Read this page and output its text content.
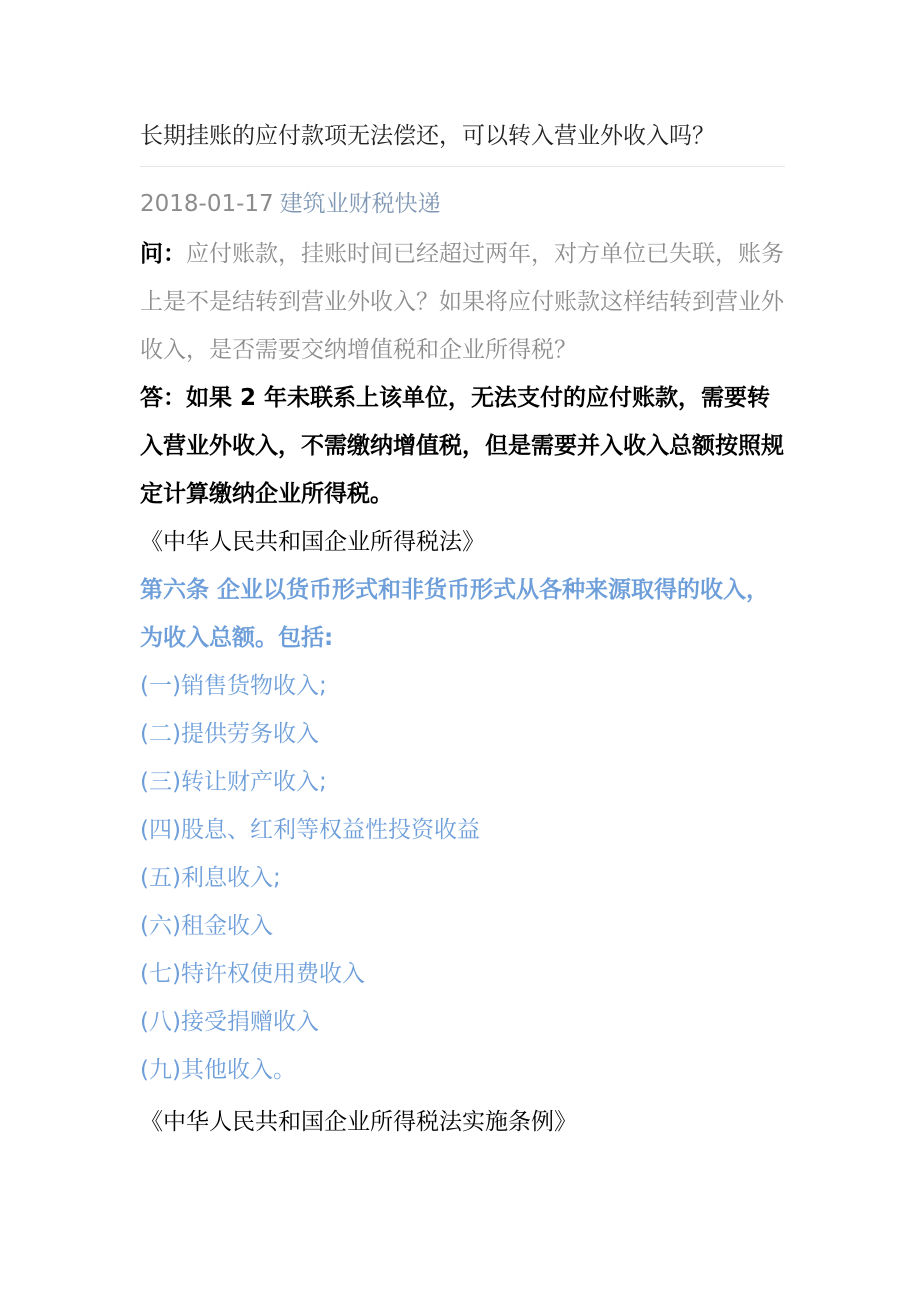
长期挂账的应付款项无法偿还，可以转入营业外收入吗？
2018-01-17 建筑业财税快递

问：应付账款，挂账时间已经超过两年，对方单位已失联，账务上是不是结转到营业外收入？如果将应付账款这样结转到营业外收入，是否需要交纳增值税和企业所得税？

答：如果 2 年未联系上该单位，无法支付的应付账款，需要转入营业外收入，不需缴纳增值税，但是需要并入收入总额按照规定计算缴纳企业所得税。

《中华人民共和国企业所得税法》

第六条 企业以货币形式和非货币形式从各种来源取得的收入，为收入总额。包括:

(一)销售货物收入;

(二)提供劳务收入

(三)转让财产收入;

(四)股息、红利等权益性投资收益

(五)利息收入;

(六)租金收入

(七)特许权使用费收入

(八)接受捐赠收入

(九)其他收入。

《中华人民共和国企业所得税法实施条例》
